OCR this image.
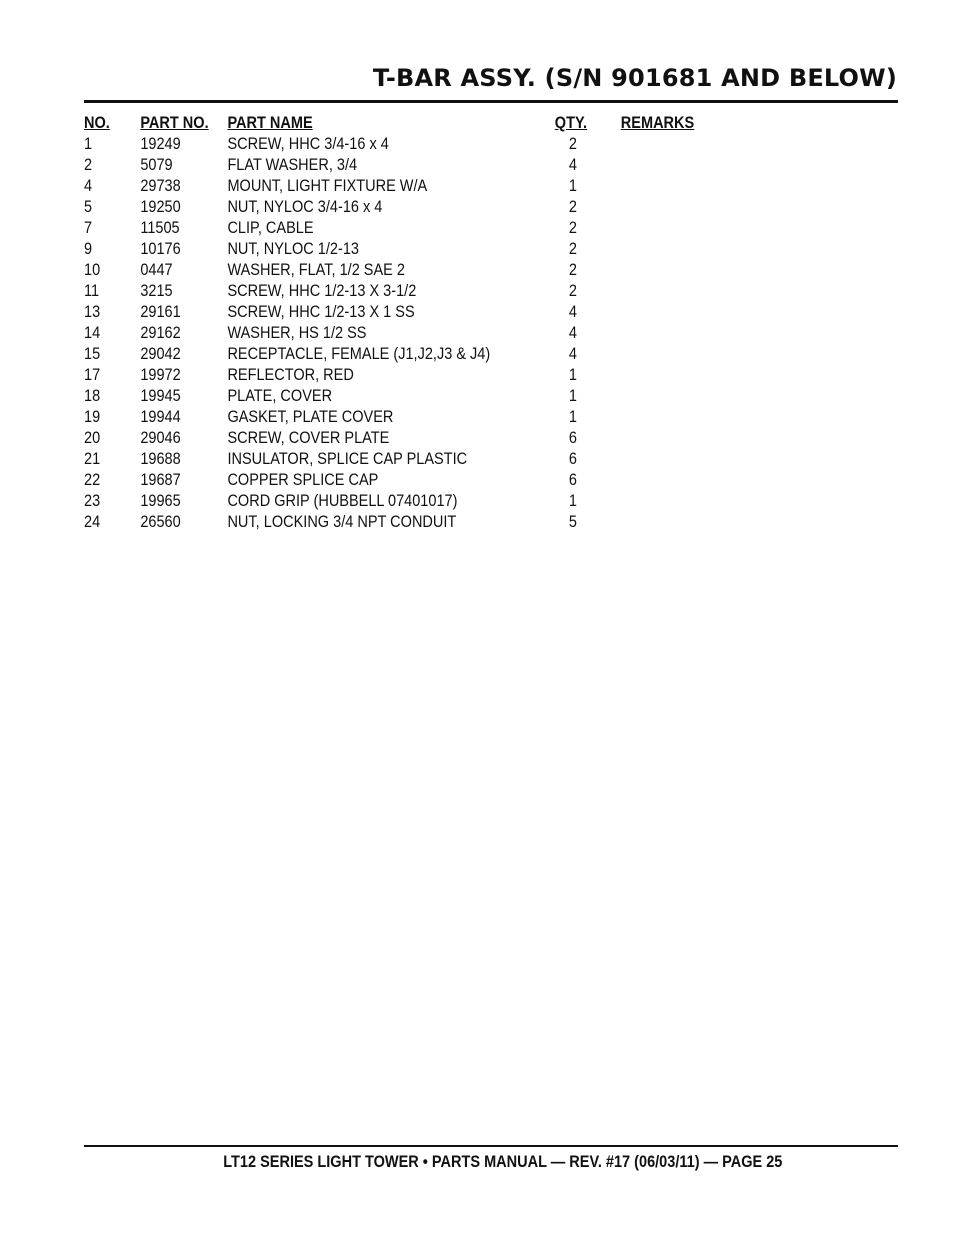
T-BAR ASSY. (S/N 901681 AND BELOW)
NO.	PART NO.	PART NAME	QTY.	REMARKS
1	19249	SCREW, HHC 3/4-16 x 4	2	
2	5079	FLAT WASHER, 3/4	4	
4	29738	MOUNT, LIGHT FIXTURE W/A	1	
5	19250	NUT, NYLOC 3/4-16 x 4	2	
7	11505	CLIP, CABLE	2	
9	10176	NUT, NYLOC 1/2-13	2	
10	0447	WASHER, FLAT, 1/2 SAE 2	2	
11	3215	SCREW, HHC 1/2-13 X 3-1/2	2	
13	29161	SCREW, HHC 1/2-13 X 1 SS	4	
14	29162	WASHER, HS 1/2 SS	4	
15	29042	RECEPTACLE, FEMALE (J1,J2,J3 & J4)	4	
17	19972	REFLECTOR, RED	1	
18	19945	PLATE, COVER	1	
19	19944	GASKET, PLATE COVER	1	
20	29046	SCREW, COVER PLATE	6	
21	19688	INSULATOR, SPLICE CAP PLASTIC	6	
22	19687	COPPER SPLICE CAP	6	
23	19965	CORD GRIP (HUBBELL 07401017)	1	
24	26560	NUT, LOCKING 3/4 NPT CONDUIT	5	

LT12 SERIES LIGHT TOWER • PARTS MANUAL — REV. #17 (06/03/11) — PAGE 25
